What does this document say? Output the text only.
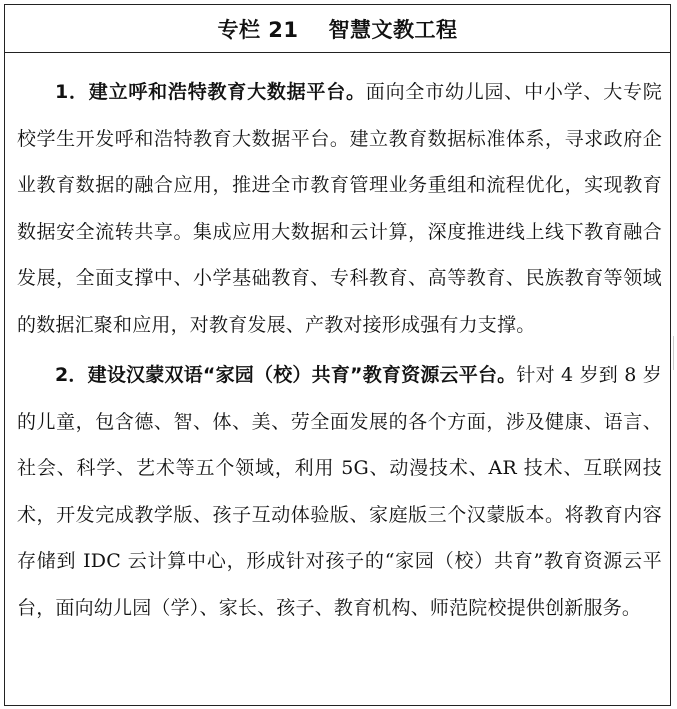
专栏 21 智慧文教工程

1．建立呼和浩特教育大数据平台。面向全市幼儿园、中小学、大专院校学生开发呼和浩特教育大数据平台。建立教育数据标准体系，寻求政府企业教育数据的融合应用，推进全市教育管理业务重组和流程优化，实现教育数据安全流转共享。集成应用大数据和云计算，深度推进线上线下教育融合发展，全面支撑中、小学基础教育、专科教育、高等教育、民族教育等领域的数据汇聚和应用，对教育发展、产教对接形成强有力支撑。

2．建设汉蒙双语“家园（校）共育”教育资源云平台。针对 4 岁到 8 岁的儿童，包含德、智、体、美、劳全面发展的各个方面，涉及健康、语言、社会、科学、艺术等五个领域，利用 5G、动漫技术、AR 技术、互联网技术，开发完成教学版、孩子互动体验版、家庭版三个汉蒙版本。将教育内容存储到 IDC 云计算中心，形成针对孩子的“家园（校）共育”教育资源云平台，面向幼儿园（学）、家长、孩子、教育机构、师范院校提供创新服务。
